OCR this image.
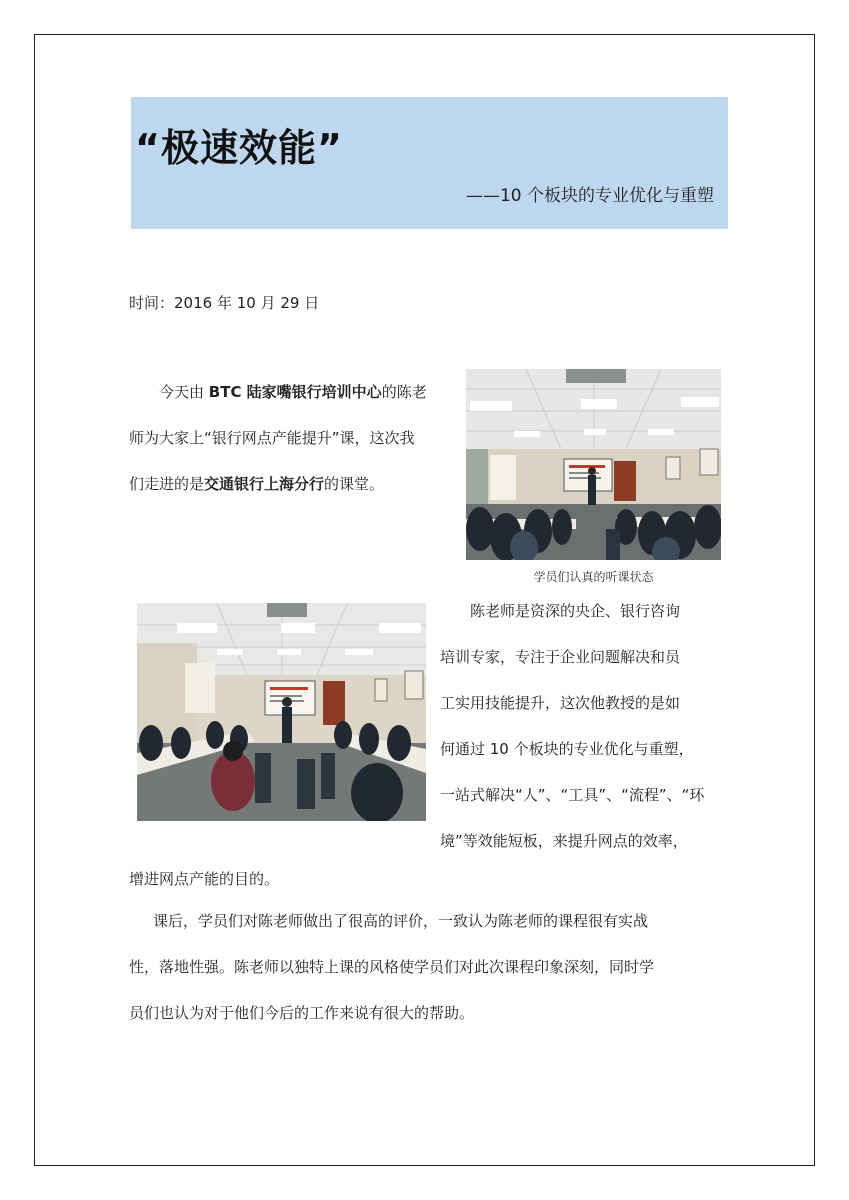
“极速效能”
——10 个板块的专业优化与重塑
时间：2016 年 10 月 29 日
今天由 BTC 陆家嘴银行培训中心的陈老
师为大家上“银行网点产能提升”课，这次我
们走进的是交通银行上海分行的课堂。
学员们认真的听课状态
陈老师是资深的央企、银行咨询
培训专家，专注于企业问题解决和员
工实用技能提升，这次他教授的是如
何通过 10 个板块的专业优化与重塑，
一站式解决“人”、“工具”、“流程”、“环
境”等效能短板，来提升网点的效率，
增进网点产能的目的。
课后，学员们对陈老师做出了很高的评价，一致认为陈老师的课程很有实战
性，落地性强。陈老师以独特上课的风格使学员们对此次课程印象深刻，同时学
员们也认为对于他们今后的工作来说有很大的帮助。
